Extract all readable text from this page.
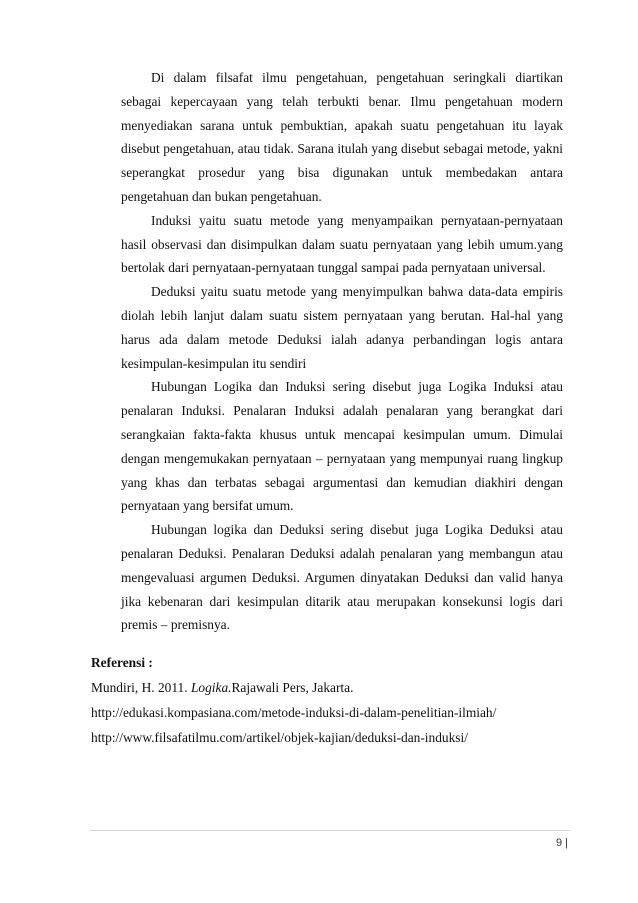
Di dalam filsafat ilmu pengetahuan, pengetahuan seringkali diartikan sebagai kepercayaan yang telah terbukti benar. Ilmu pengetahuan modern menyediakan sarana untuk pembuktian, apakah suatu pengetahuan itu layak disebut pengetahuan, atau tidak. Sarana itulah yang disebut sebagai metode, yakni seperangkat prosedur yang bisa digunakan untuk membedakan antara pengetahuan dan bukan pengetahuan.

Induksi yaitu suatu metode yang menyampaikan pernyataan-pernyataan hasil observasi dan disimpulkan dalam suatu pernyataan yang lebih umum.yang bertolak dari pernyataan-pernyataan tunggal sampai pada pernyataan universal.

Deduksi yaitu suatu metode yang menyimpulkan bahwa data-data empiris diolah lebih lanjut dalam suatu sistem pernyataan yang berutan. Hal-hal yang harus ada dalam metode Deduksi ialah adanya perbandingan logis antara kesimpulan-kesimpulan itu sendiri

Hubungan Logika dan Induksi sering disebut juga Logika Induksi atau penalaran Induksi. Penalaran Induksi adalah penalaran yang berangkat dari serangkaian fakta-fakta khusus untuk mencapai kesimpulan umum. Dimulai dengan mengemukakan pernyataan – pernyataan yang mempunyai ruang lingkup yang khas dan terbatas sebagai argumentasi dan kemudian diakhiri dengan pernyataan yang bersifat umum.

Hubungan logika dan Deduksi sering disebut juga Logika Deduksi atau penalaran Deduksi. Penalaran Deduksi adalah penalaran yang membangun atau mengevaluasi argumen Deduksi. Argumen dinyatakan Deduksi dan valid hanya jika kebenaran dari kesimpulan ditarik atau merupakan konsekunsi logis dari premis – premisnya.

Referensi :
Mundiri, H. 2011. Logika.Rajawali Pers, Jakarta.
http://edukasi.kompasiana.com/metode-induksi-di-dalam-penelitian-ilmiah/
http://www.filsafatilmu.com/artikel/objek-kajian/deduksi-dan-induksi/
9 |
